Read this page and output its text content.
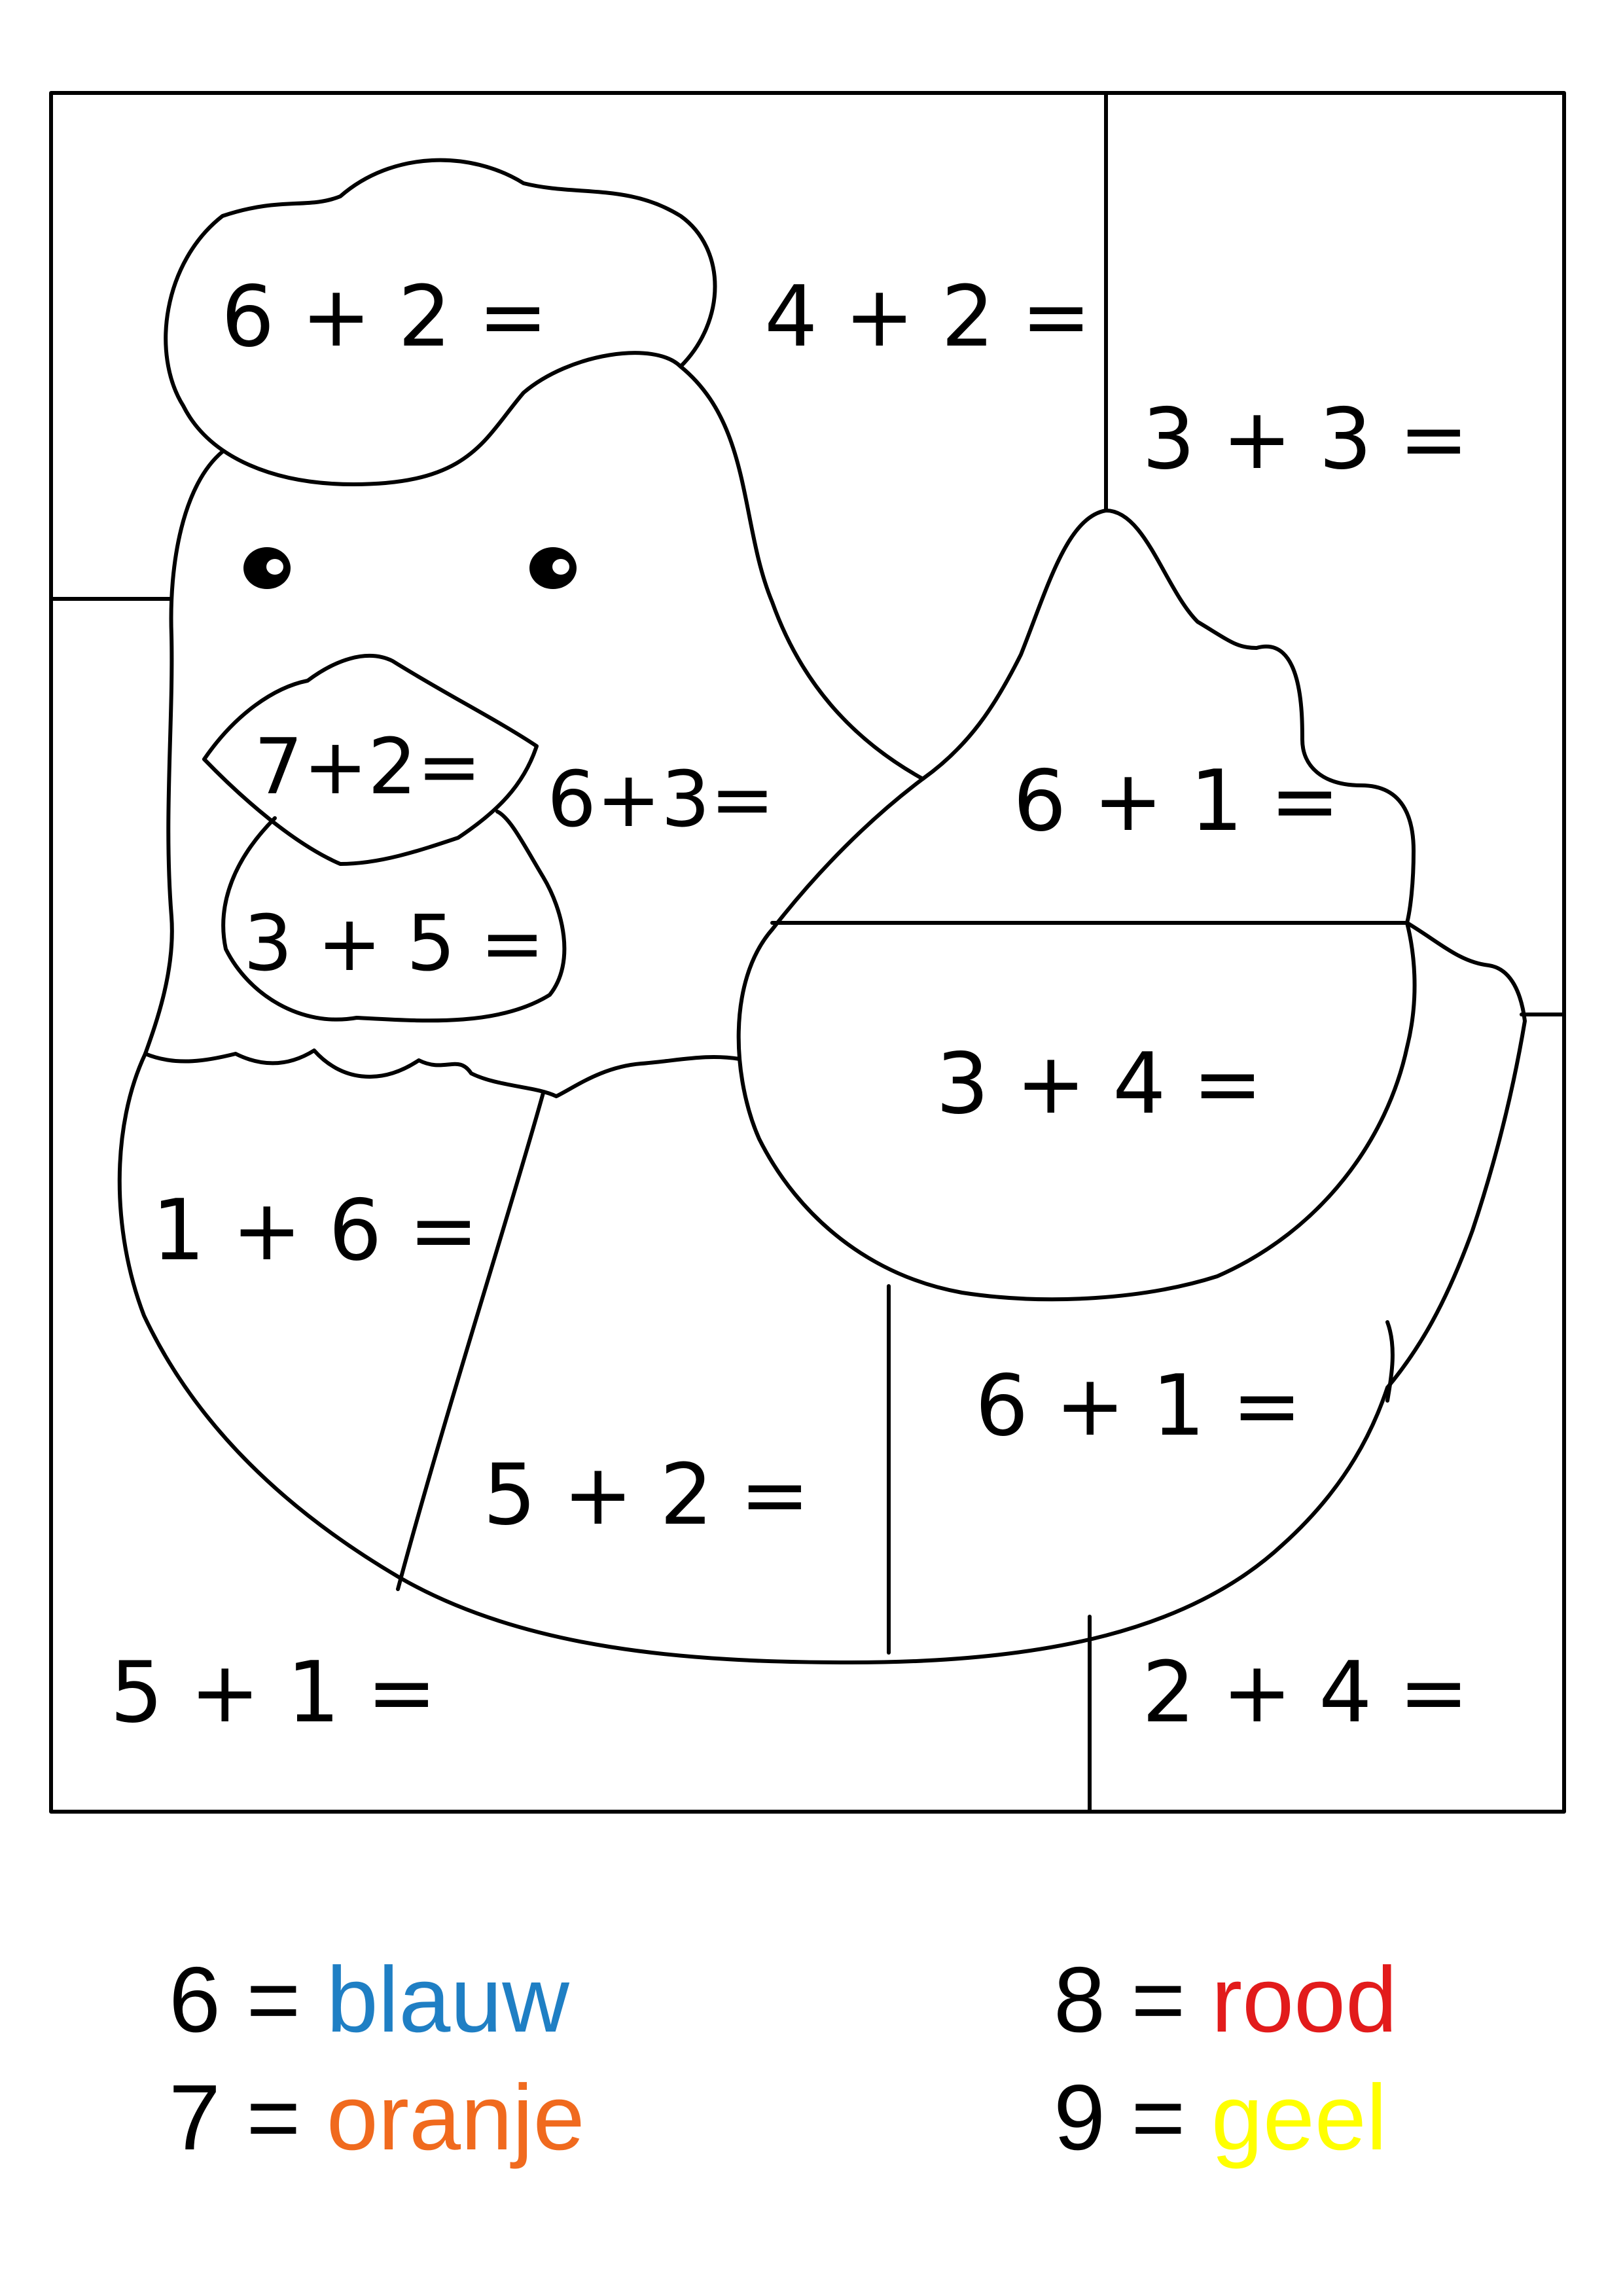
6 + 2 =	4 + 2 =
3 + 3 =
7+2= 6+3=
3 + 5 =
6 + 1 =
3 + 4 =
1 + 6 =
5 + 2 =
6 + 1 =
5 + 1 =	2 + 4 =
6 = blauw
7 = oranje
8 = rood
9 = geel
